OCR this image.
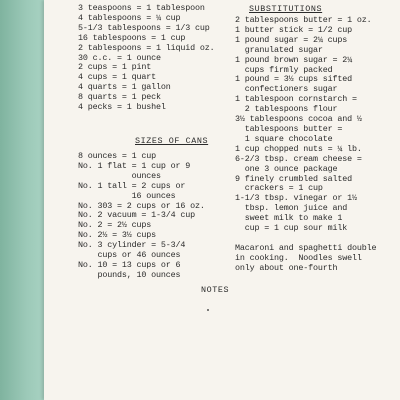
3 teaspoons = 1 tablespoon
4 tablespoons = ¼ cup
5-1/3 tablespoons = 1/3 cup
16 tablespoons = 1 cup
2 tablespoons = 1 liquid oz.
30 c.c. = 1 ounce
2 cups = 1 pint
4 cups = 1 quart
4 quarts = 1 gallon
8 quarts = 1 peck
4 pecks = 1 bushel
SIZES OF CANS
8 ounces = 1 cup
No. 1 flat = 1 cup or 9
ounces
No. 1 tall = 2 cups or
16 ounces
No. 303 = 2 cups or 16 oz.
No. 2 vacuum = 1-3/4 cup
No. 2 = 2½ cups
No. 2½ = 3½ cups
No. 3 cylinder = 5-3/4
cups or 46 ounces
No. 10 = 13 cups or 6
pounds, 10 ounces
SUBSTITUTIONS
2 tablespoons butter = 1 oz.
1 butter stick = 1/2 cup
1 pound sugar = 2¼ cups
granulated sugar
1 pound brown sugar = 2¼
cups firmly packed
1 pound = 3½ cups sifted
confectioners sugar
1 tablespoon cornstarch =
2 tablespoons flour
3½ tablespoons cocoa and ½
tablespoons butter =
1 square chocolate
1 cup chopped nuts = ¼ lb.
6-2/3 tbsp. cream cheese =
one 3 ounce package
9 finely crumbled salted
crackers = 1 cup
1-1/3 tbsp. vinegar or 1½
tbsp. lemon juice and
sweet milk to make 1
cup = 1 cup sour milk

Macaroni and spaghetti double
in cooking.  Noodles swell
only about one-fourth
NOTES
